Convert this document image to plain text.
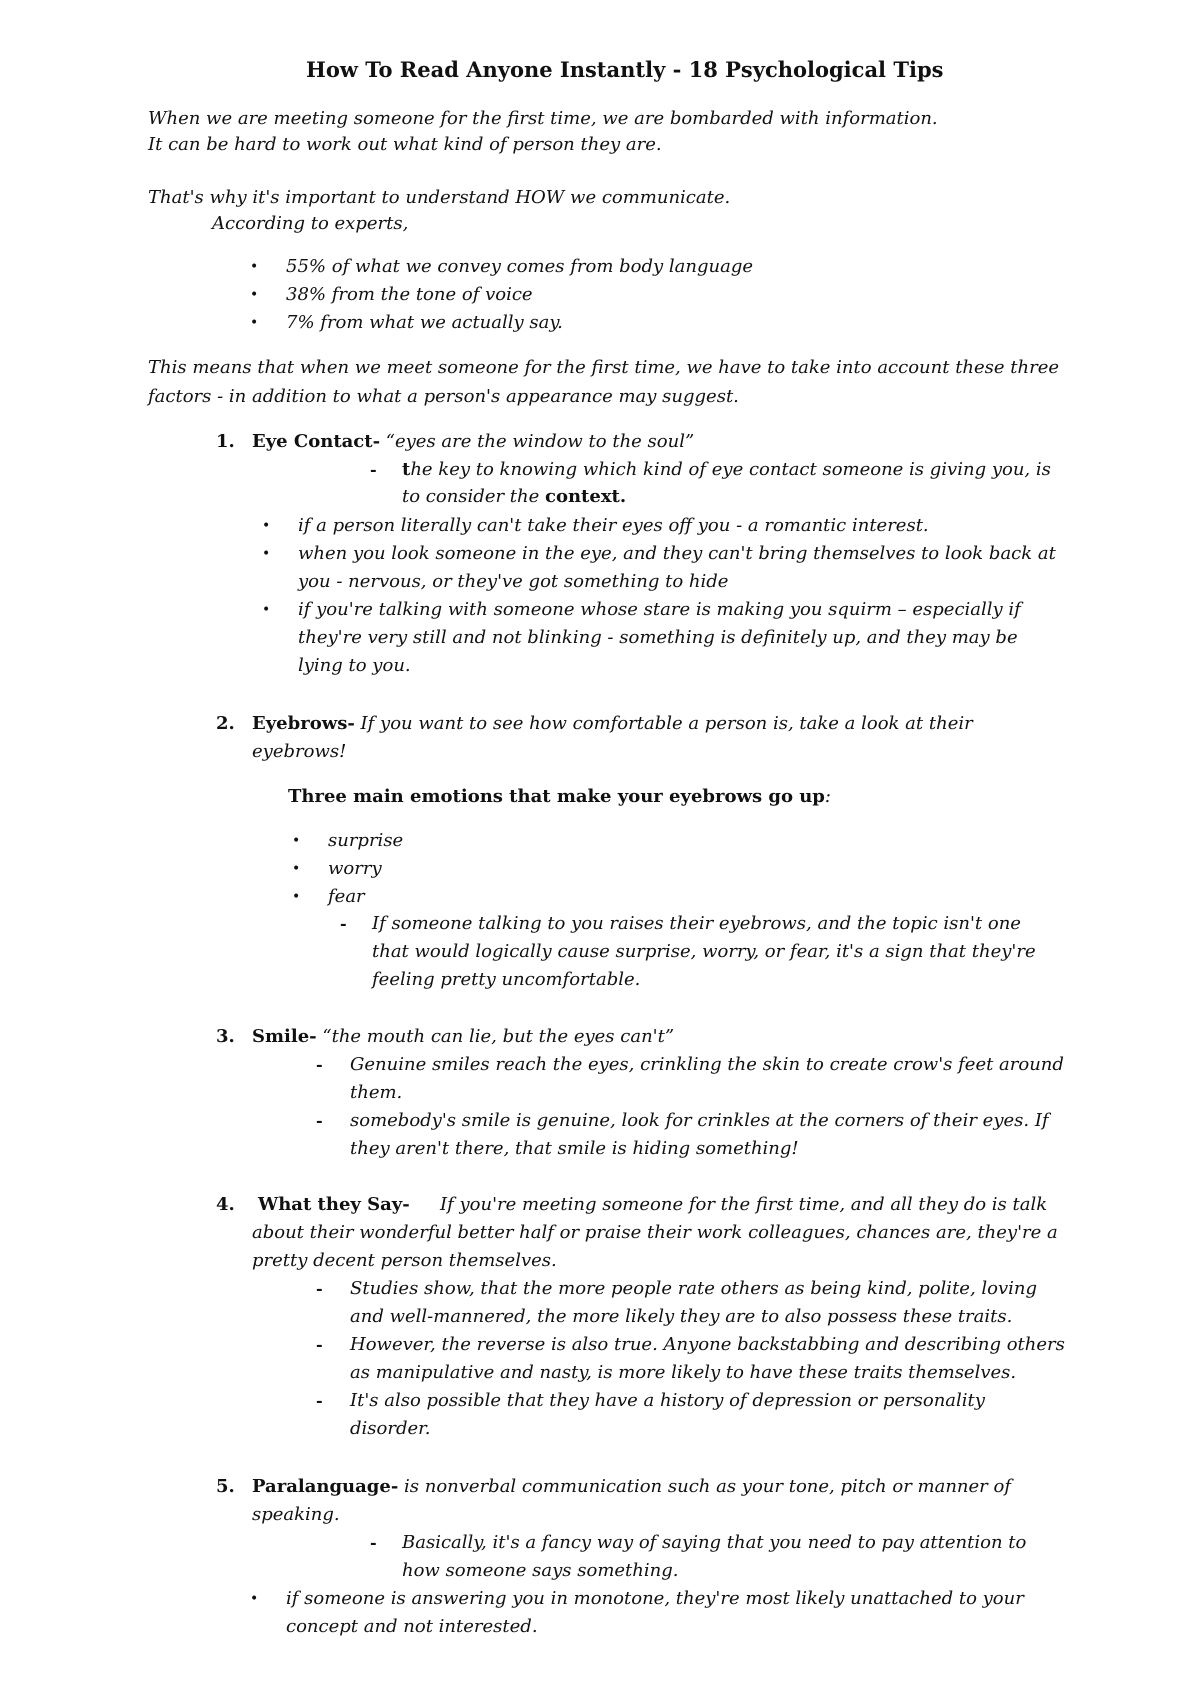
How To Read Anyone Instantly - 18 Psychological Tips
When we are meeting someone for the first time, we are bombarded with information.
It can be hard to work out what kind of person they are.
That's why it's important to understand HOW we communicate.
According to experts,
• 55% of what we convey comes from body language
• 38% from the tone of voice
• 7% from what we actually say.
This means that when we meet someone for the first time, we have to take into account these three
factors - in addition to what a person's appearance may suggest.
1. Eye Contact- “eyes are the window to the soul”
- the key to knowing which kind of eye contact someone is giving you, is
to consider the context.
• if a person literally can't take their eyes off you - a romantic interest.
• when you look someone in the eye, and they can't bring themselves to look back at
you - nervous, or they've got something to hide
• if you're talking with someone whose stare is making you squirm – especially if
they're very still and not blinking - something is definitely up, and they may be
lying to you.
2. Eyebrows- If you want to see how comfortable a person is, take a look at their
eyebrows!
Three main emotions that make your eyebrows go up:
• surprise
• worry
• fear
- If someone talking to you raises their eyebrows, and the topic isn't one
that would logically cause surprise, worry, or fear, it's a sign that they're
feeling pretty uncomfortable.
3. Smile- “the mouth can lie, but the eyes can't”
- Genuine smiles reach the eyes, crinkling the skin to create crow's feet around
them.
- somebody's smile is genuine, look for crinkles at the corners of their eyes. If
they aren't there, that smile is hiding something!
4. What they Say- If you're meeting someone for the first time, and all they do is talk
about their wonderful better half or praise their work colleagues, chances are, they're a
pretty decent person themselves.
- Studies show, that the more people rate others as being kind, polite, loving
and well-mannered, the more likely they are to also possess these traits.
- However, the reverse is also true. Anyone backstabbing and describing others
as manipulative and nasty, is more likely to have these traits themselves.
- It's also possible that they have a history of depression or personality
disorder.
5. Paralanguage- is nonverbal communication such as your tone, pitch or manner of
speaking.
- Basically, it's a fancy way of saying that you need to pay attention to
how someone says something.
• if someone is answering you in monotone, they're most likely unattached to your
concept and not interested.
